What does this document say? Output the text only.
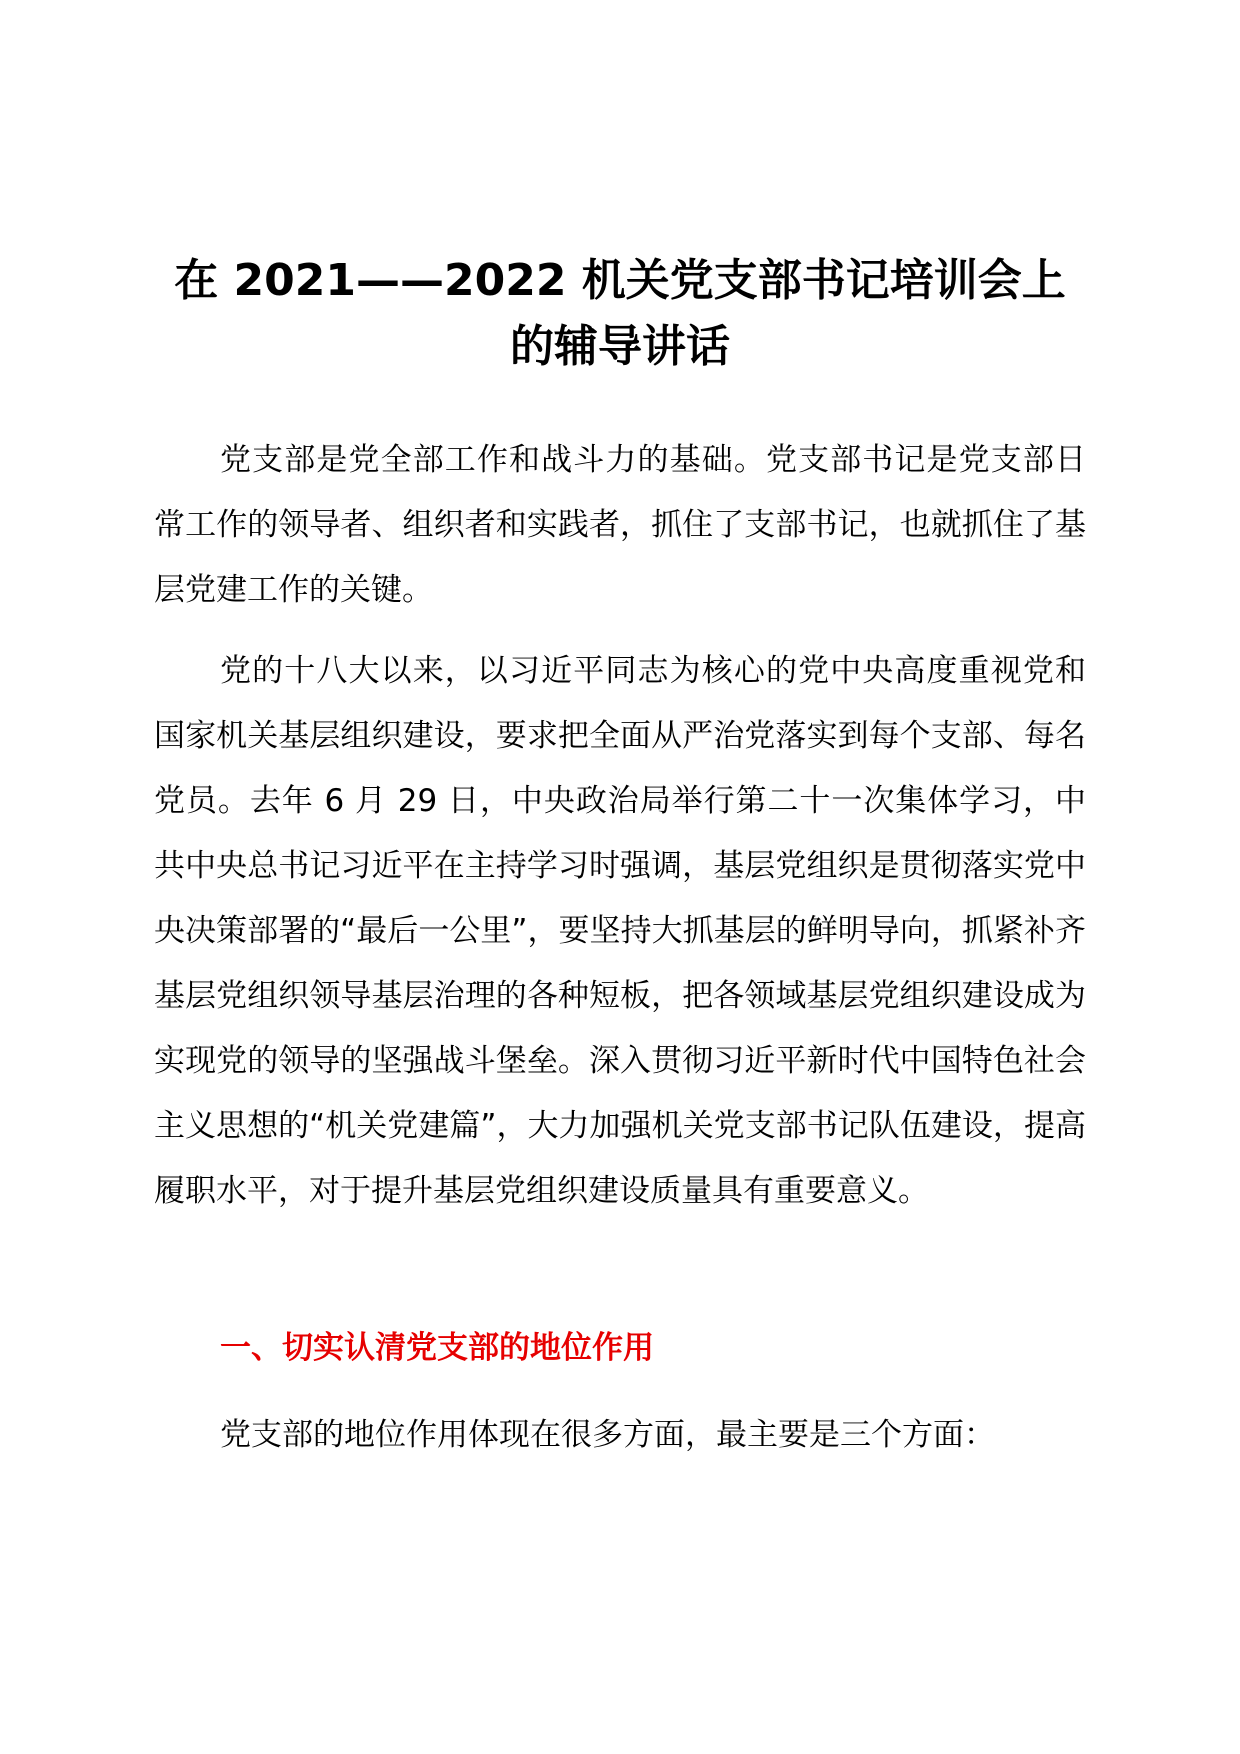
在 2021——2022 机关党支部书记培训会上
的辅导讲话

党支部是党全部工作和战斗力的基础。党支部书记是党支部日常工作的领导者、组织者和实践者，抓住了支部书记，也就抓住了基层党建工作的关键。

党的十八大以来，以习近平同志为核心的党中央高度重视党和国家机关基层组织建设，要求把全面从严治党落实到每个支部、每名党员。去年 6 月 29 日，中央政治局举行第二十一次集体学习，中共中央总书记习近平在主持学习时强调，基层党组织是贯彻落实党中央决策部署的“最后一公里”，要坚持大抓基层的鲜明导向，抓紧补齐基层党组织领导基层治理的各种短板，把各领域基层党组织建设成为实现党的领导的坚强战斗堡垒。深入贯彻习近平新时代中国特色社会主义思想的“机关党建篇”，大力加强机关党支部书记队伍建设，提高履职水平，对于提升基层党组织建设质量具有重要意义。

一、切实认清党支部的地位作用

党支部的地位作用体现在很多方面，最主要是三个方面：
